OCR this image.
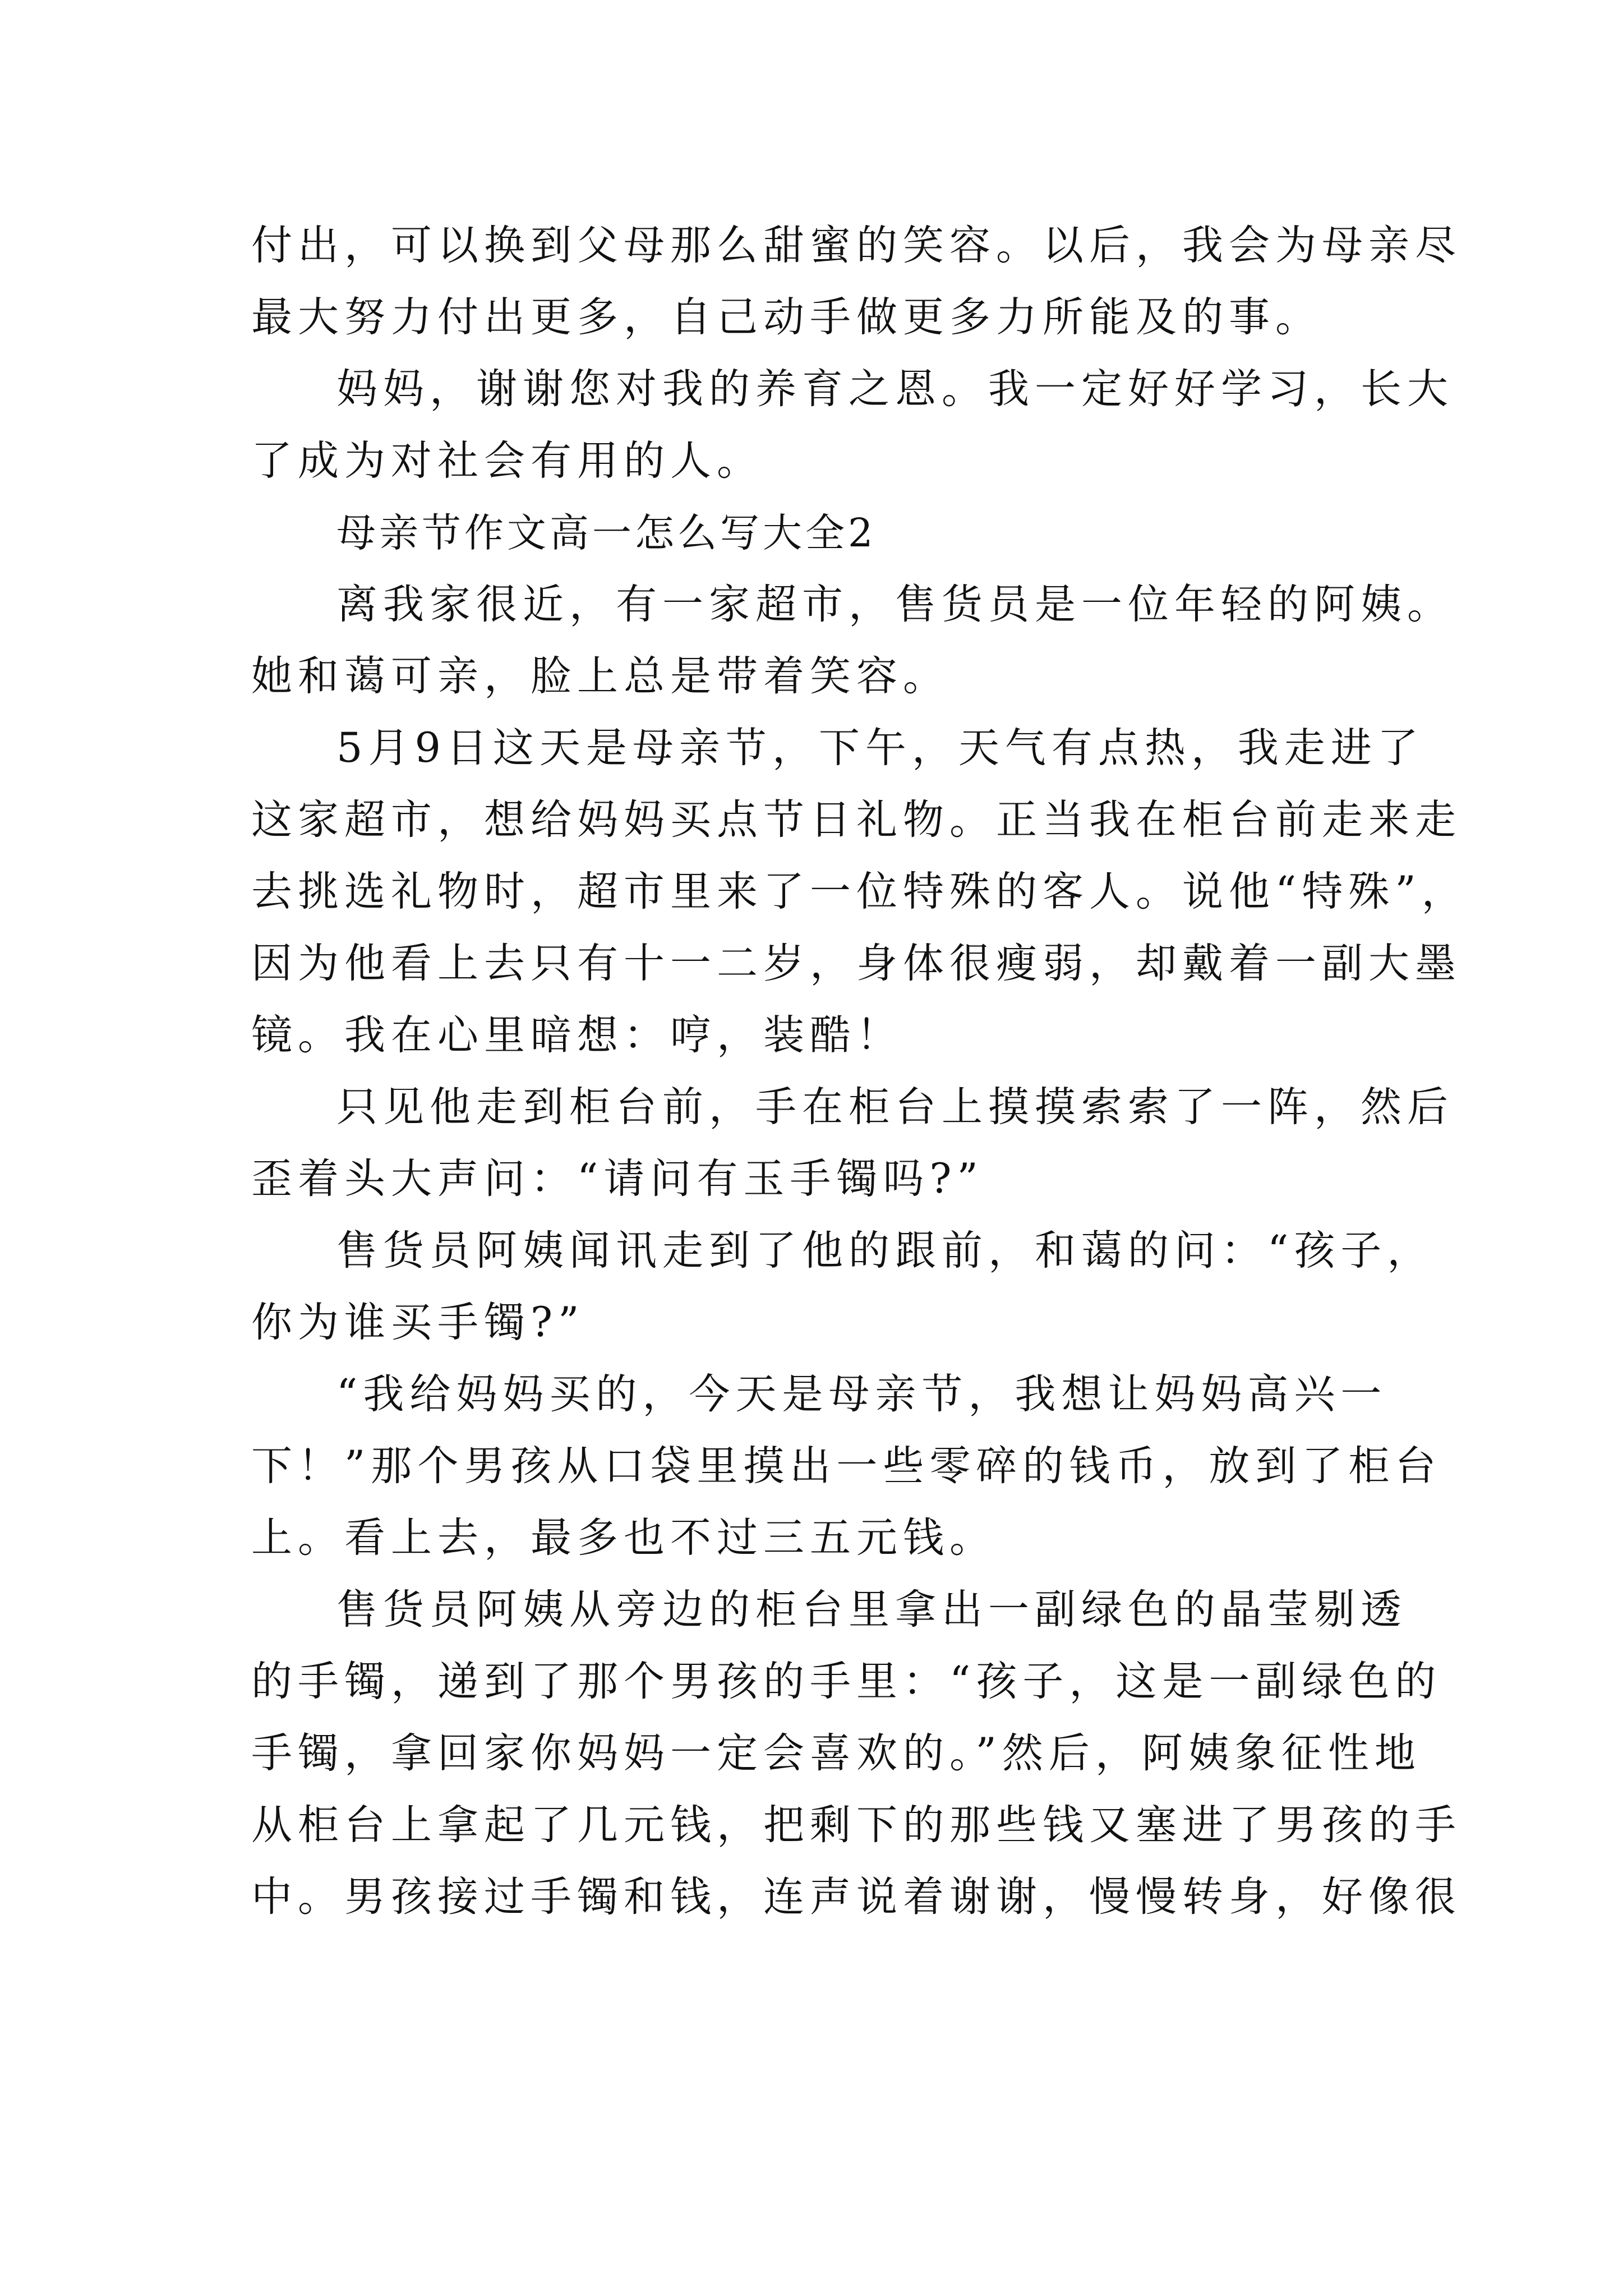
付出，可以换到父母那么甜蜜的笑容。以后，我会为母亲尽
最大努力付出更多，自己动手做更多力所能及的事。
妈妈，谢谢您对我的养育之恩。我一定好好学习，长大
了成为对社会有用的人。
母亲节作文高一怎么写大全2
离我家很近，有一家超市，售货员是一位年轻的阿姨。
她和蔼可亲，脸上总是带着笑容。
5月9日这天是母亲节，下午，天气有点热，我走进了
这家超市，想给妈妈买点节日礼物。正当我在柜台前走来走
去挑选礼物时，超市里来了一位特殊的客人。说他“特殊”，
因为他看上去只有十一二岁，身体很瘦弱，却戴着一副大墨
镜。我在心里暗想：哼，装酷！
只见他走到柜台前，手在柜台上摸摸索索了一阵，然后
歪着头大声问：“请问有玉手镯吗?”
售货员阿姨闻讯走到了他的跟前，和蔼的问：“孩子，
你为谁买手镯?”
“我给妈妈买的，今天是母亲节，我想让妈妈高兴一
下！”那个男孩从口袋里摸出一些零碎的钱币，放到了柜台
上。看上去，最多也不过三五元钱。
售货员阿姨从旁边的柜台里拿出一副绿色的晶莹剔透
的手镯，递到了那个男孩的手里：“孩子，这是一副绿色的
手镯，拿回家你妈妈一定会喜欢的。”然后，阿姨象征性地
从柜台上拿起了几元钱，把剩下的那些钱又塞进了男孩的手
中。男孩接过手镯和钱，连声说着谢谢，慢慢转身，好像很
